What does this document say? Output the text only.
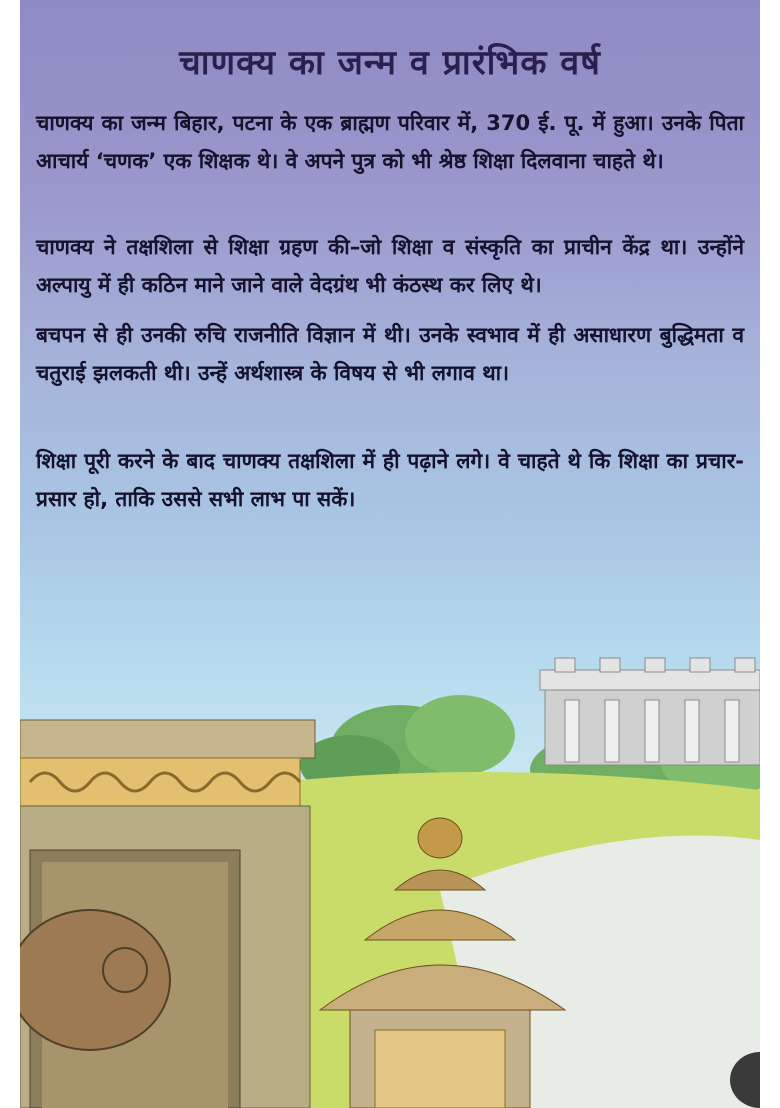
चाणक्य का जन्म व प्रारंभिक वर्ष

चाणक्य का जन्म बिहार, पटना के एक ब्राह्मण परिवार में, 370 ई. पू. में हुआ। उनके पिता आचार्य ‘चणक’ एक शिक्षक थे। वे अपने पुत्र को भी श्रेष्ठ शिक्षा दिलवाना चाहते थे।

चाणक्य ने तक्षशिला से शिक्षा ग्रहण की–जो शिक्षा व संस्कृति का प्राचीन केंद्र था। उन्होंने अल्पायु में ही कठिन माने जाने वाले वेदग्रंथ भी कंठस्थ कर लिए थे।

बचपन से ही उनकी रुचि राजनीति विज्ञान में थी। उनके स्वभाव में ही असाधारण बुद्धिमता व चतुराई झलकती थी। उन्हें अर्थशास्त्र के विषय से भी लगाव था।

शिक्षा पूरी करने के बाद चाणक्य तक्षशिला में ही पढ़ाने लगे। वे चाहते थे कि शिक्षा का प्रचार-प्रसार हो, ताकि उससे सभी लाभ पा सकें।
